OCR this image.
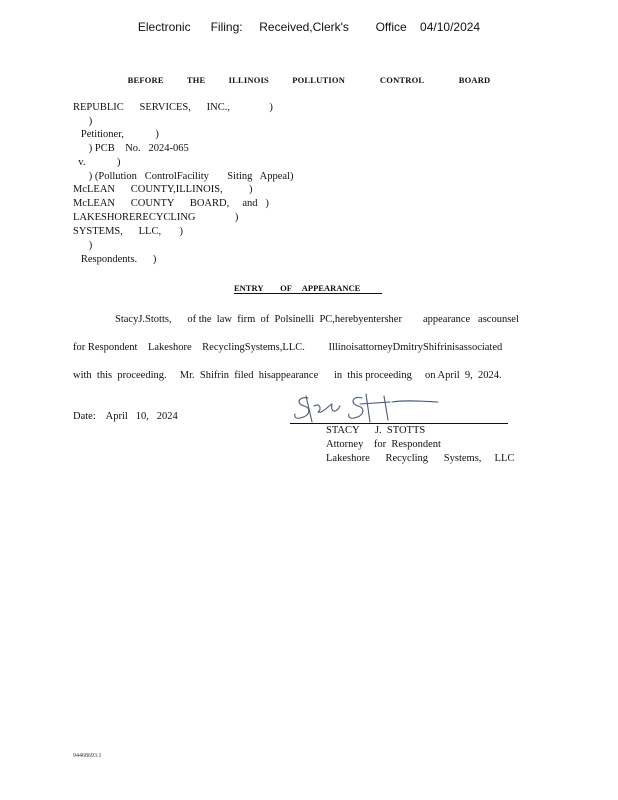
Electronic      Filing:     Received,Clerk's        Office    04/10/2024
BEFORE          THE          ILLINOIS          POLLUTION               CONTROL               BOARD
REPUBLIC      SERVICES,      INC.,               )
)
Petitioner,            )
) PCB    No.   2024-065
v.            )
) (Pollution   ControlFacility       Siting   Appeal)
McLEAN      COUNTY,ILLINOIS,          )
McLEAN      COUNTY      BOARD,     and   )
LAKESHORERECYCLING               )
SYSTEMS,      LLC,       )
)
Respondents.      )
ENTRY        OF     APPEARANCE
StacyJ.Stotts,      of the  law  firm  of  Polsinelli  PC,herebyentersher        appearance   ascounsel
for Respondent    Lakeshore    RecyclingSystems,LLC.         IllinoisattorneyDmitryShifrinisassociated
with  this  proceeding.     Mr.  Shifrin  filed  hisappearance      in  this proceeding     on April  9,  2024.
Date:    April   10,   2024
STACY      J.  STOTTS
Attorney    for  Respondent
Lakeshore      Recycling      Systems,     LLC
94468693.1
